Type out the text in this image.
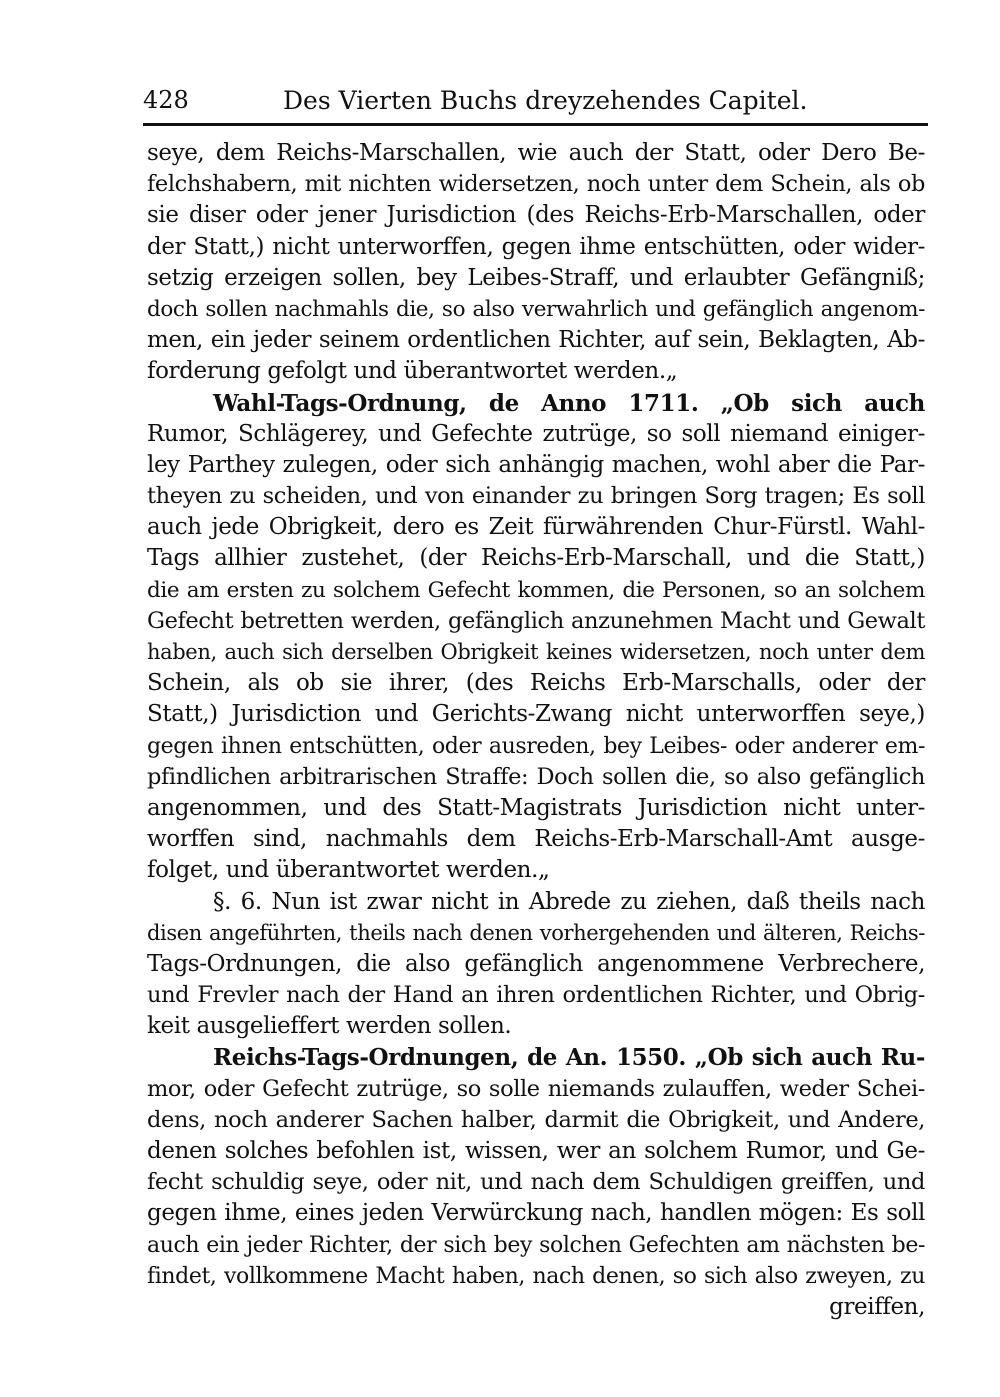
428	Des Vierten Buchs dreyzehendes Capitel.
seye, dem Reichs-Marschallen, wie auch der Statt, oder Dero Be-
felchshabern, mit nichten widersetzen, noch unter dem Schein, als ob
sie diser oder jener Jurisdiction (des Reichs-Erb-Marschallen, oder
der Statt,) nicht unterworffen, gegen ihme entschütten, oder wider-
setzig erzeigen sollen, bey Leibes-Straff, und erlaubter Gefängniß;
doch sollen nachmahls die, so also verwahrlich und gefänglich angenom-
men, ein jeder seinem ordentlichen Richter, auf sein, Beklagten, Ab-
forderung gefolgt und überantwortet werden.„
Wahl-Tags-Ordnung, de Anno 1711. „Ob sich auch
Rumor, Schlägerey, und Gefechte zutrüge, so soll niemand einiger-
ley Parthey zulegen, oder sich anhängig machen, wohl aber die Par-
theyen zu scheiden, und von einander zu bringen Sorg tragen; Es soll
auch jede Obrigkeit, dero es Zeit fürwährenden Chur-Fürstl. Wahl-
Tags allhier zustehet, (der Reichs-Erb-Marschall, und die Statt,)
die am ersten zu solchem Gefecht kommen, die Personen, so an solchem
Gefecht betretten werden, gefänglich anzunehmen Macht und Gewalt
haben, auch sich derselben Obrigkeit keines widersetzen, noch unter dem
Schein, als ob sie ihrer, (des Reichs Erb-Marschalls, oder der
Statt,) Jurisdiction und Gerichts-Zwang nicht unterworffen seye,)
gegen ihnen entschütten, oder ausreden, bey Leibes- oder anderer em-
pfindlichen arbitrarischen Straffe: Doch sollen die, so also gefänglich
angenommen, und des Statt-Magistrats Jurisdiction nicht unter-
worffen sind, nachmahls dem Reichs-Erb-Marschall-Amt ausge-
folget, und überantwortet werden.„
§. 6. Nun ist zwar nicht in Abrede zu ziehen, daß theils nach
disen angeführten, theils nach denen vorhergehenden und älteren, Reichs-
Tags-Ordnungen, die also gefänglich angenommene Verbrechere,
und Frevler nach der Hand an ihren ordentlichen Richter, und Obrig-
keit ausgelieffert werden sollen.
Reichs-Tags-Ordnungen, de An. 1550. „Ob sich auch Ru-
mor, oder Gefecht zutrüge, so solle niemands zulauffen, weder Schei-
dens, noch anderer Sachen halber, darmit die Obrigkeit, und Andere,
denen solches befohlen ist, wissen, wer an solchem Rumor, und Ge-
fecht schuldig seye, oder nit, und nach dem Schuldigen greiffen, und
gegen ihme, eines jeden Verwürckung nach, handlen mögen: Es soll
auch ein jeder Richter, der sich bey solchen Gefechten am nächsten be-
findet, vollkommene Macht haben, nach denen, so sich also zweyen, zu
greiffen,
